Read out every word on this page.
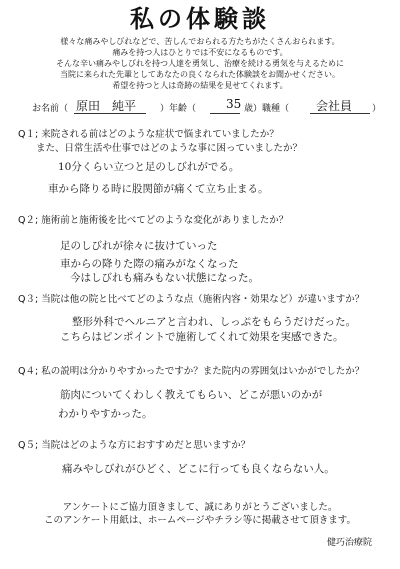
私の体験談
様々な痛みやしびれなどで、苦しんでおられる方たちがたくさんおられます。
痛みを持つ人はひとりでは不安になるものです。
そんな辛い痛みやしびれを持つ人達を勇気し、治療を続ける勇気を与えるために
当院に来られた先輩としてあなたの良くなられた体験談をお聞かせください。
希望を持つと人は奇跡の結果を見せてくれます。
お名前（ 原田　純平	）年齢（ 35 歳）職種（ 会社員 ）
Q１; 来院される前はどのような症状で悩まれていましたか？
また、日常生活や仕事ではどのような事に困っていましたか？
10分くらい立つと足のしびれがでる。
車から降りる時に股関節が痛くて立ち止まる。
Q２; 施術前と施術後を比べてどのような変化がありましたか？
足のしびれが徐々に抜けていった
車からの降りた際の痛みがなくなった
今はしびれも痛みもない状態になった。
Q３; 当院は他の院と比べてどのような点（施術内容・効果など）が違いますか？
整形外科でヘルニアと言われ、しっぷをもらうだけだった。
こちらはピンポイントで施術してくれて効果を実感できた。
Q４; 私の説明は分かりやすかったですか？また院内の雰囲気はいかがでしたか？
筋肉についてくわしく教えてもらい、どこが悪いのかが
わかりやすかった。
Q５; 当院はどのような方におすすめだと思いますか？
痛みやしびれがひどく、どこに行っても良くならない人。
アンケートにご協力頂きまして、誠にありがとうございました。
このアンケート用紙は、ホームページやチラシ等に掲載させて頂きます。
健巧治療院
